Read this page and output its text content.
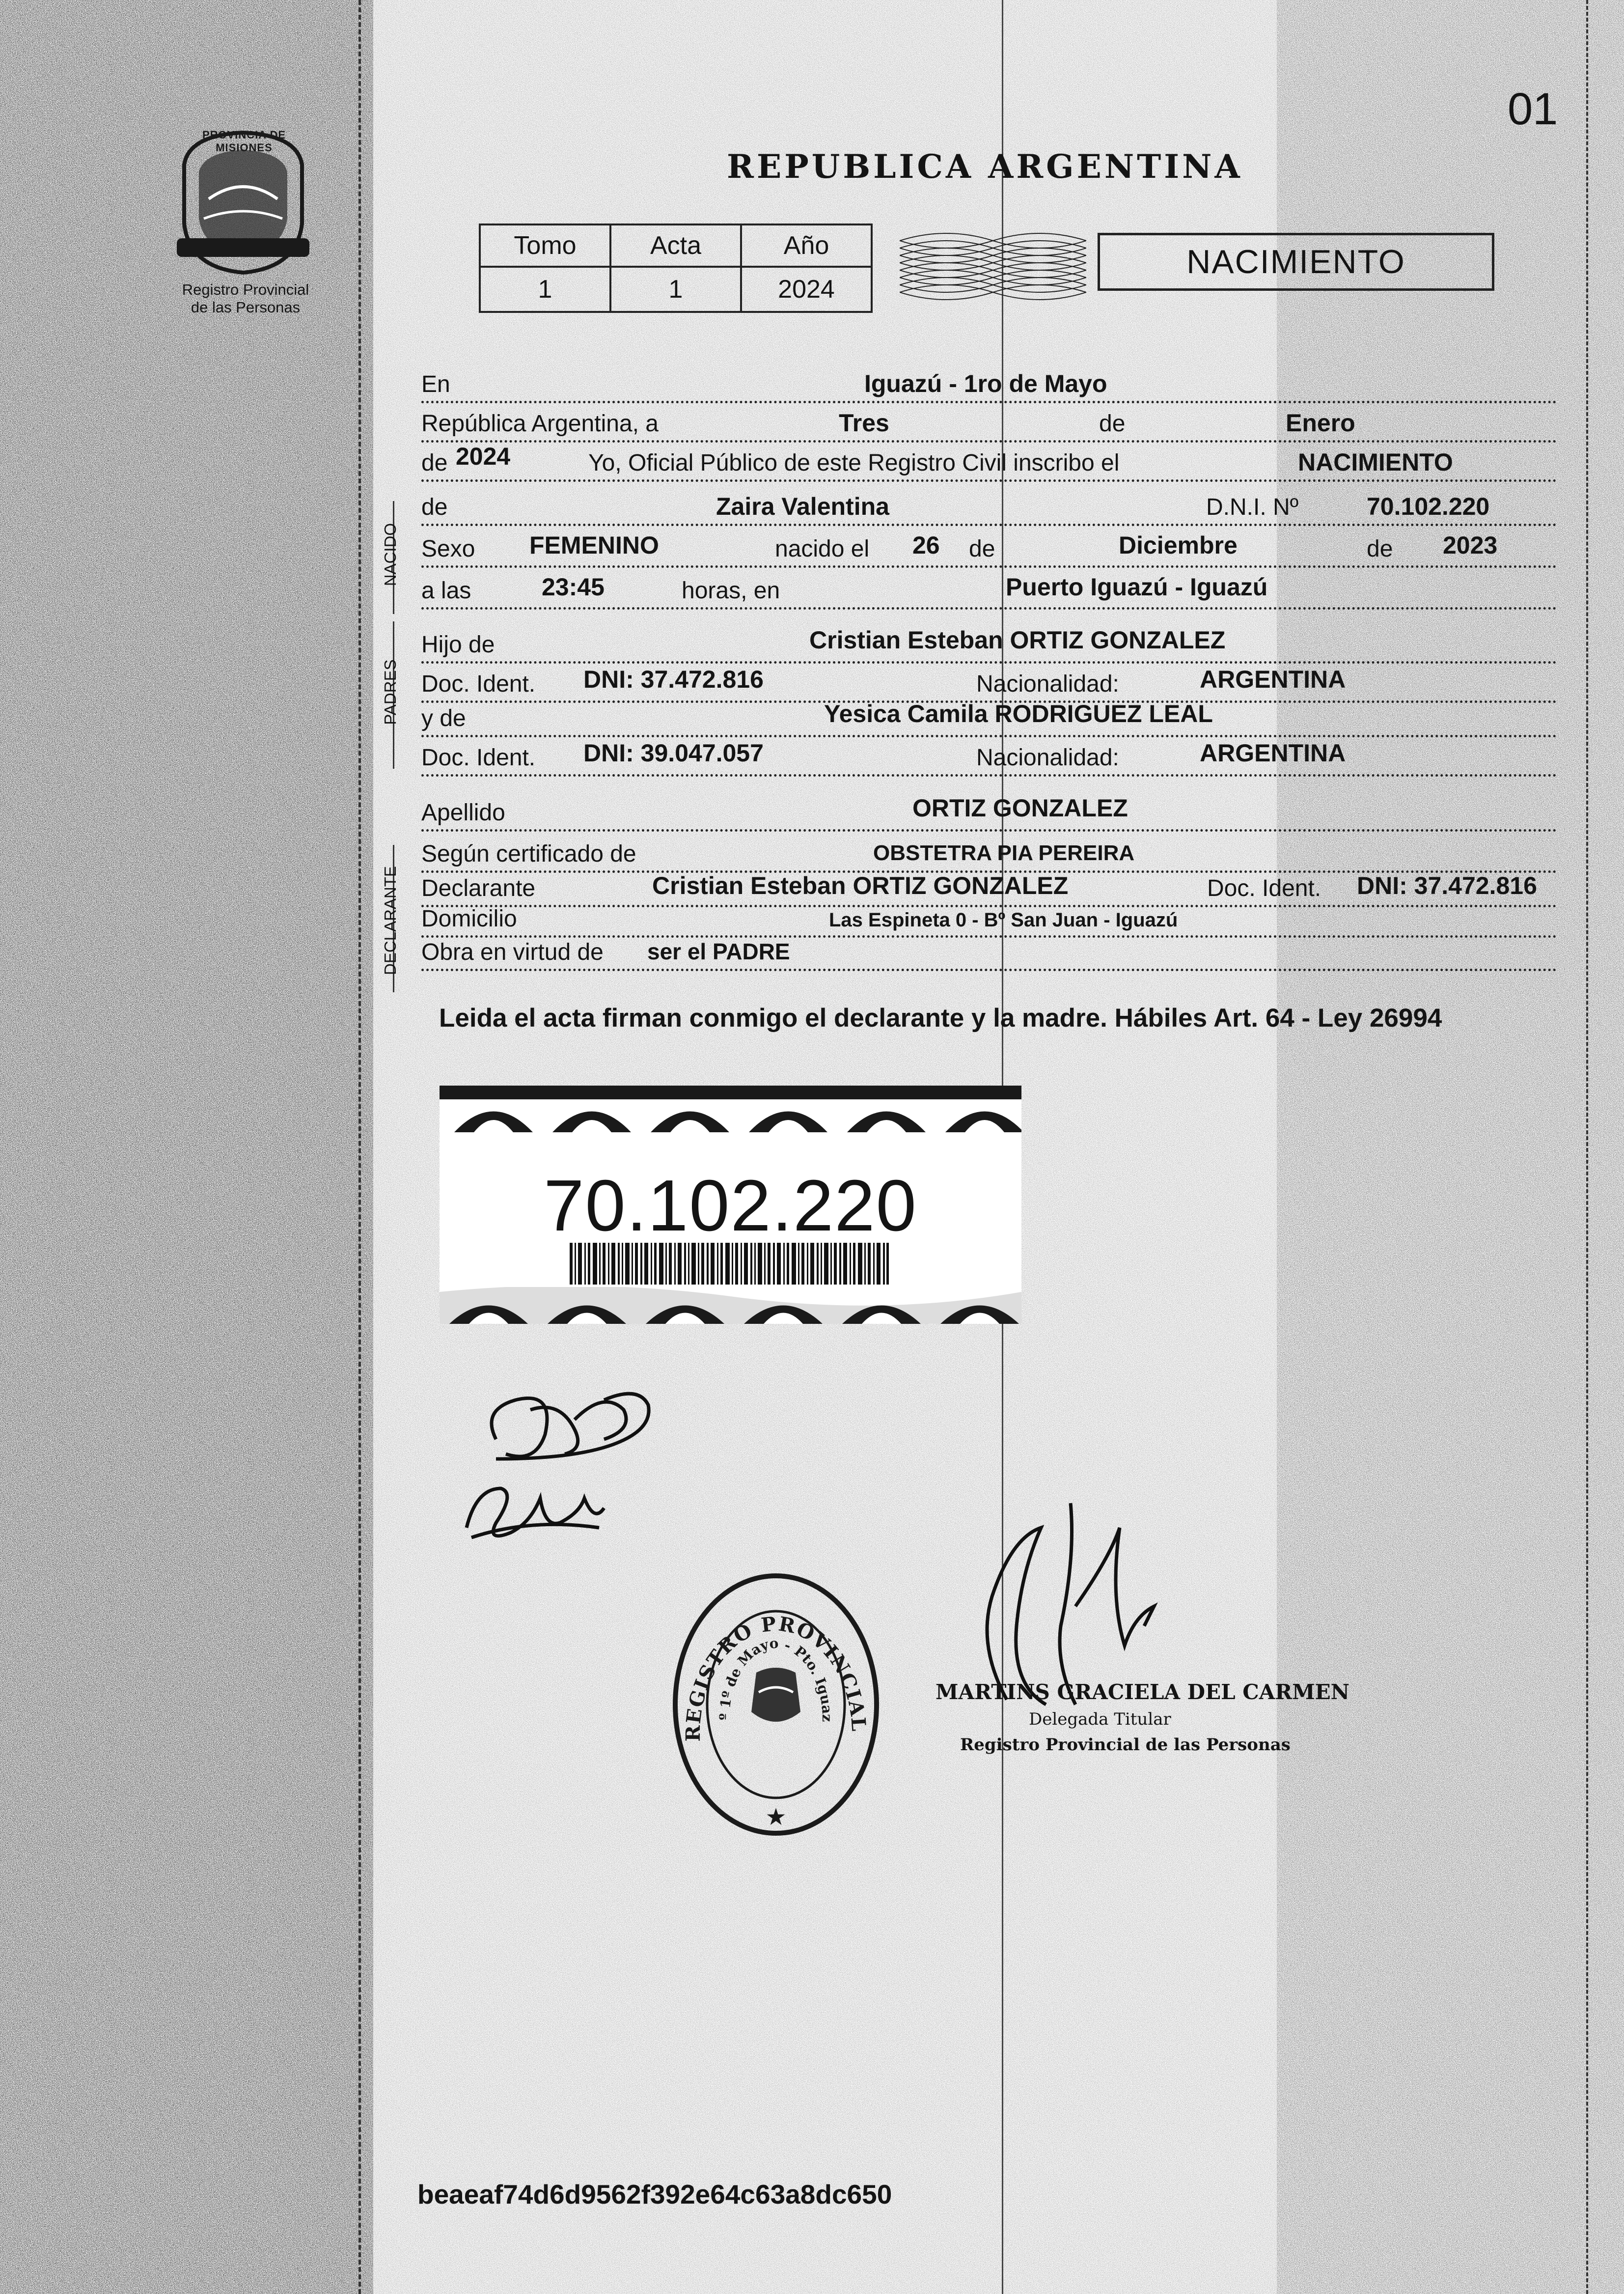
01
PROVINCIA DE MISIONES
Registro Provincial
de las Personas
REPUBLICA ARGENTINA
Tomo	Acta	Año
1	1	2024
NACIMIENTO
NACIDO
PADRES
DECLARANTE
En	Iguazú - 1ro de Mayo
República Argentina, a	Tres	de	Enero
de 2024	Yo, Oficial Público de este Registro Civil inscribo el	NACIMIENTO
de	Zaira Valentina	D.N.I. Nº	70.102.220
Sexo FEMENINO	nacido el 26 de	Diciembre	de 2023
a las	23:45	horas, en	Puerto Iguazú - Iguazú
Hijo de	Cristian Esteban ORTIZ GONZALEZ
Doc. Ident. DNI: 37.472.816	Nacionalidad:	ARGENTINA
y de	Yesica Camila RODRIGUEZ LEAL
Doc. Ident. DNI: 39.047.057	Nacionalidad:	ARGENTINA
Apellido	ORTIZ GONZALEZ
Según certificado de	OBSTETRA PIA PEREIRA
Declarante	Cristian Esteban ORTIZ GONZALEZ	Doc. Ident. DNI: 37.472.816
Domicilio	Las Espineta 0 - Bº San Juan - Iguazú
Obra en virtud de ser el PADRE
Leida el acta firman conmigo el declarante y la madre. Hábiles Art. 64 - Ley 26994
70.102.220
REGISTRO PROVINCIAL
º 1º de Mayo - Pto. Iguaz
★
MARTINS GRACIELA DEL CARMEN
Delegada Titular
Registro Provincial de las Personas
beaeaf74d6d9562f392e64c63a8dc650
